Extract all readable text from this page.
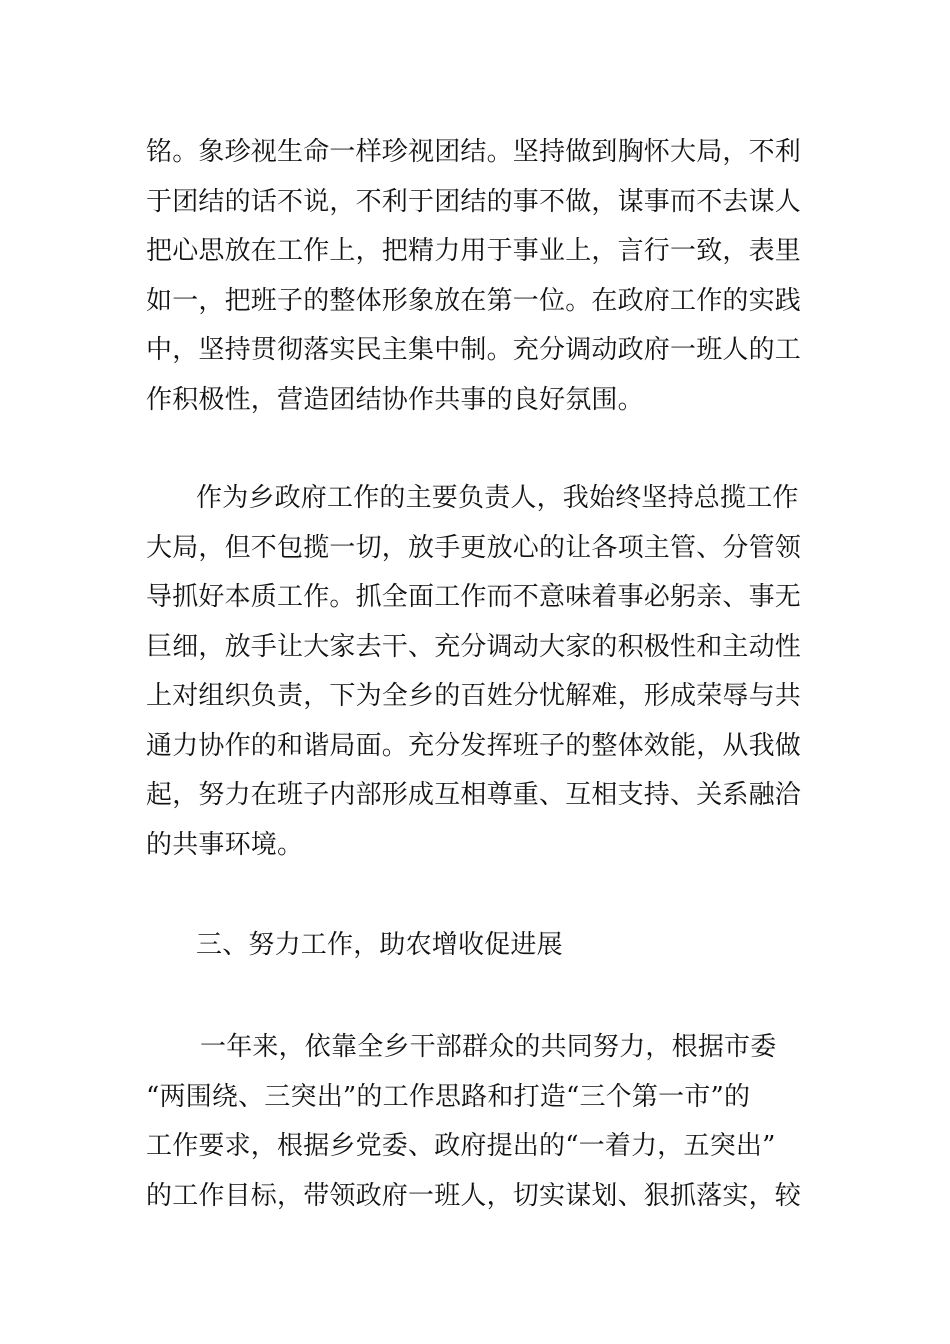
铭。象珍视生命一样珍视团结。坚持做到胸怀大局，不利
于团结的话不说，不利于团结的事不做，谋事而不去谋人
把心思放在工作上，把精力用于事业上，言行一致，表里
如一，把班子的整体形象放在第一位。在政府工作的实践
中，坚持贯彻落实民主集中制。充分调动政府一班人的工
作积极性，营造团结协作共事的良好氛围。
作为乡政府工作的主要负责人，我始终坚持总揽工作
大局，但不包揽一切，放手更放心的让各项主管、分管领
导抓好本质工作。抓全面工作而不意味着事必躬亲、事无
巨细，放手让大家去干、充分调动大家的积极性和主动性
上对组织负责，下为全乡的百姓分忧解难，形成荣辱与共
通力协作的和谐局面。充分发挥班子的整体效能，从我做
起，努力在班子内部形成互相尊重、互相支持、关系融洽
的共事环境。
三、努力工作，助农增收促进展
一年来，依靠全乡干部群众的共同努力，根据市委
“两围绕、三突出”的工作思路和打造“三个第一市”的
工作要求，根据乡党委、政府提出的“一着力，五突出”
的工作目标，带领政府一班人，切实谋划、狠抓落实，较
